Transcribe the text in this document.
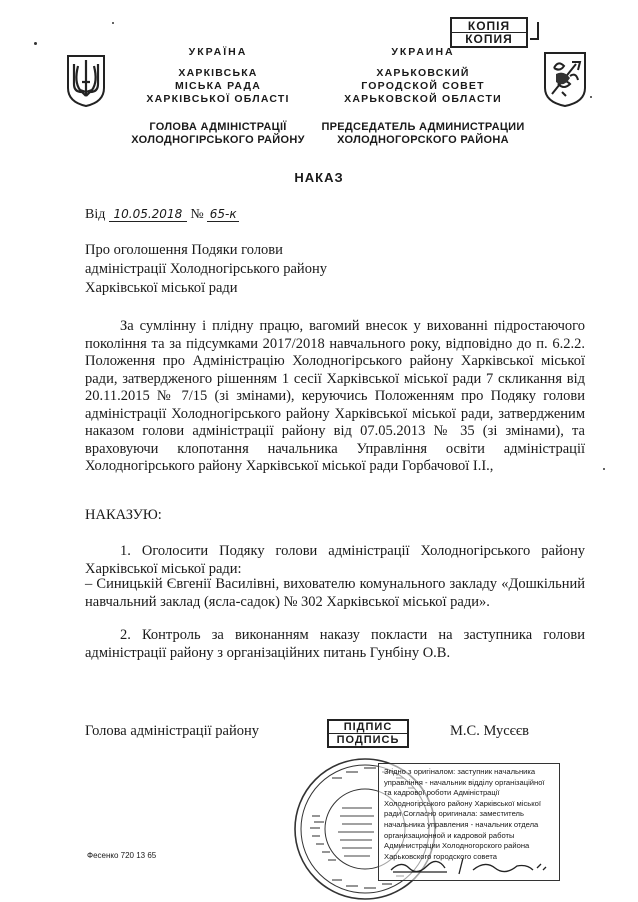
КОПІЯ
КОПИЯ
УКРАЇНА
ХАРКІВСЬКА
МІСЬКА РАДА
ХАРКІВСЬКОЇ ОБЛАСТІ
ГОЛОВА АДМІНІСТРАЦІЇ
ХОЛОДНОГІРСЬКОГО РАЙОНУ
УКРАИНА
ХАРЬКОВСКИЙ
ГОРОДСКОЙ СОВЕТ
ХАРЬКОВСКОЙ ОБЛАСТИ
ПРЕДСЕДАТЕЛЬ АДМИНИСТРАЦИИ
ХОЛОДНОГОРСКОГО РАЙОНА
НАКАЗ
Від 10.05.2018 № 65-к
Про оголошення Подяки голови
адміністрації Холодногірського району
Харківської міської ради
За сумлінну і плідну працю, вагомий внесок у вихованні підростаючого покоління та за підсумками 2017/2018 навчального року, відповідно до п. 6.2.2. Положення про Адміністрацію Холодногірського району Харківської міської ради, затвердженого рішенням 1 сесії Харківської міської ради 7 скликання від 20.11.2015 № 7/15 (зі змінами), керуючись Положенням про Подяку голови адміністрації Холодногірського району Харківської міської ради, затвердженим наказом голови адміністрації району від 07.05.2013 № 35 (зі змінами), та враховуючи клопотання начальника Управління освіти адміністрації Холодногірського району Харківської міської ради Горбачової І.І.,
НАКАЗУЮ:
1. Оголосити Подяку голови адміністрації Холодногірського району Харківської міської ради:
– Синицькій Євгенії Василівні, вихователю комунального закладу «Дошкільний навчальний заклад (ясла-садок) № 302 Харківської міської ради».
2. Контроль за виконанням наказу покласти на заступника голови адміністрації району з організаційних питань Гунбіну О.В.
Голова адміністрації району	ПІДПИС
ПОДПИСЬ
М.С. Мусєєв
Згідно з оригіналом: заступник начальника управління - начальник відділу організаційної та кадрової роботи Адміністрації Холодногірського району Харківської міської ради Согласно оригинала: заместитель начальника управления - начальник отдела организационной и кадровой работы Администрации Холодногорского района Харьковского городского совета
Фесенко 720 13 65
